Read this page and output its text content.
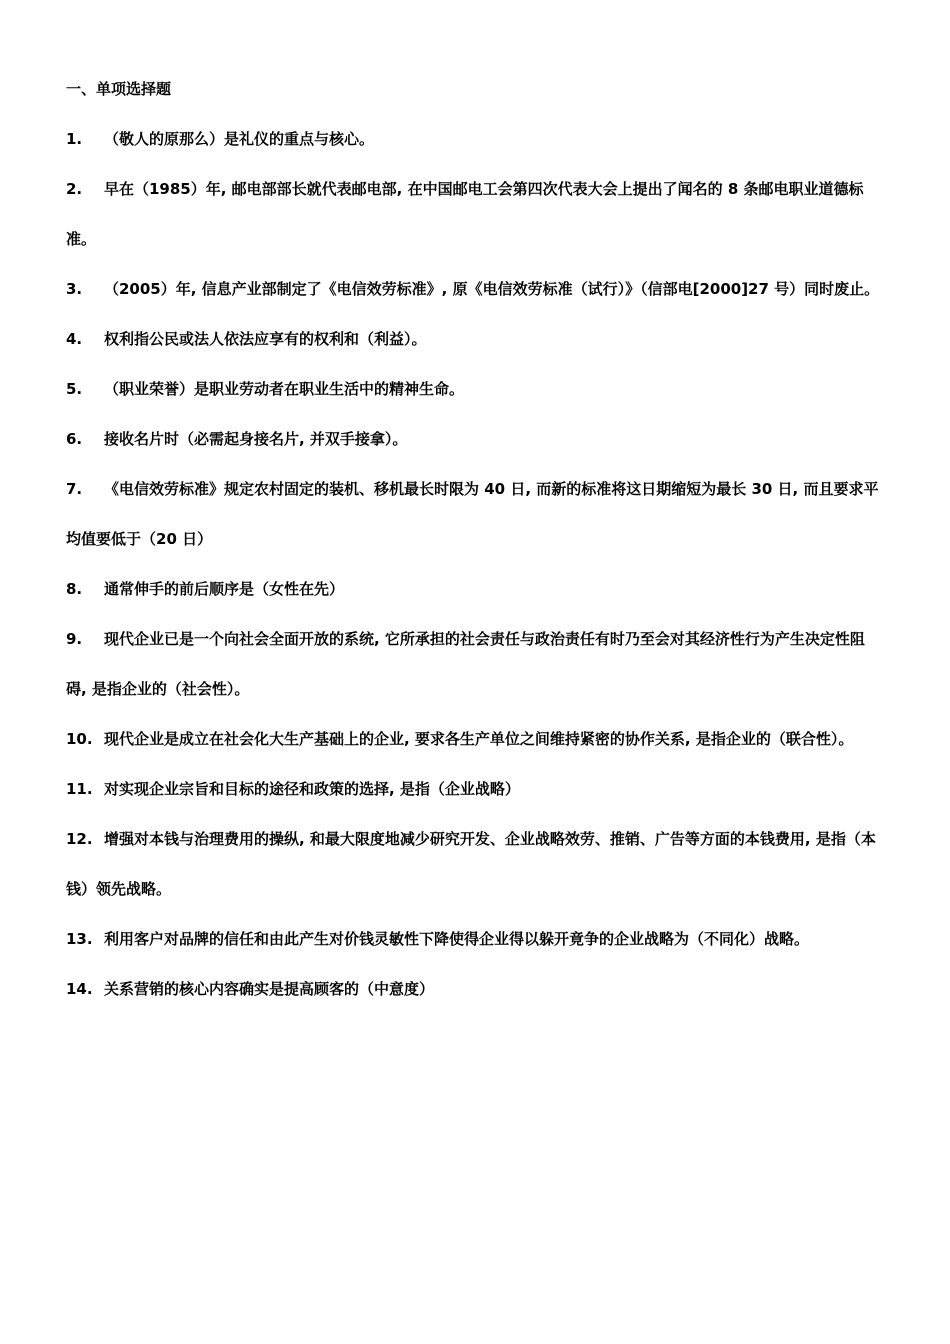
一、单项选择题
1. （敬人的原那么）是礼仪的重点与核心。
2. 早在（1985）年, 邮电部部长就代表邮电部, 在中国邮电工会第四次代表大会上提出了闻名的 8 条邮电职业道德标准。
3. （2005）年, 信息产业部制定了《电信效劳标准》, 原《电信效劳标准（试行）》（信部电[2000]27 号）同时废止。
4. 权利指公民或法人依法应享有的权利和（利益）。
5. （职业荣誉）是职业劳动者在职业生活中的精神生命。
6. 接收名片时（必需起身接名片, 并双手接拿）。
7. 《电信效劳标准》规定农村固定的装机、移机最长时限为 40 日, 而新的标准将这日期缩短为最长 30 日, 而且要求平均值要低于（20 日）
8. 通常伸手的前后顺序是（女性在先）
9. 现代企业已是一个向社会全面开放的系统, 它所承担的社会责任与政治责任有时乃至会对其经济性行为产生决定性阻碍, 是指企业的（社会性）。
10. 现代企业是成立在社会化大生产基础上的企业, 要求各生产单位之间维持紧密的协作关系, 是指企业的（联合性）。
11. 对实现企业宗旨和目标的途径和政策的选择, 是指（企业战略）
12. 增强对本钱与治理费用的操纵, 和最大限度地减少研究开发、企业战略效劳、推销、广告等方面的本钱费用, 是指（本钱）领先战略。
13. 利用客户对品牌的信任和由此产生对价钱灵敏性下降使得企业得以躲开竟争的企业战略为（不同化）战略。
14. 关系营销的核心内容确实是提高顾客的（中意度）
